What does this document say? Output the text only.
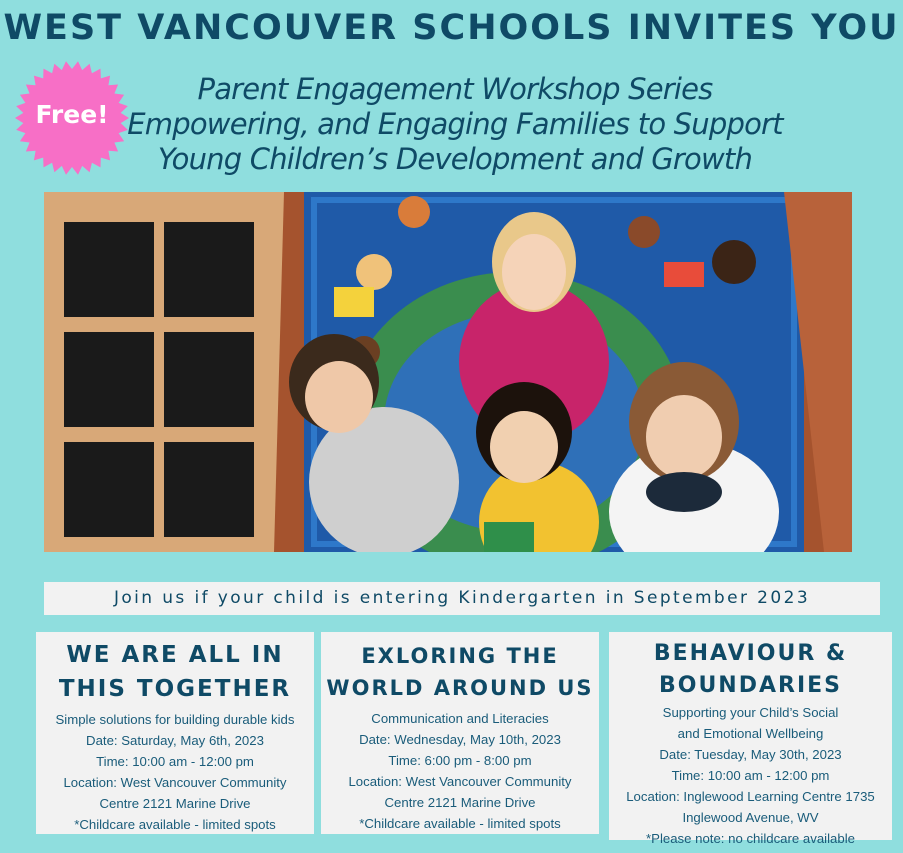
WEST VANCOUVER SCHOOLS INVITES YOU
Free!
Parent Engagement Workshop Series
Empowering, and Engaging Families to Support
Young Children’s Development and Growth
Join us if your child is entering Kindergarten in September 2023
WE ARE ALL IN
THIS TOGETHER
Simple solutions for building durable kids
Date: Saturday, May 6th, 2023
Time: 10:00 am - 12:00 pm
Location: West Vancouver Community
Centre 2121 Marine Drive
*Childcare available - limited spots
EXLORING THE
WORLD AROUND US
Communication and Literacies
Date: Wednesday, May 10th, 2023
Time: 6:00 pm - 8:00 pm
Location: West Vancouver Community
Centre 2121 Marine Drive
*Childcare available - limited spots
BEHAVIOUR &
BOUNDARIES
Supporting your Child’s Social
and Emotional Wellbeing
Date: Tuesday, May 30th, 2023
Time: 10:00 am - 12:00 pm
Location: Inglewood Learning Centre 1735
Inglewood Avenue, WV
*Please note: no childcare available
